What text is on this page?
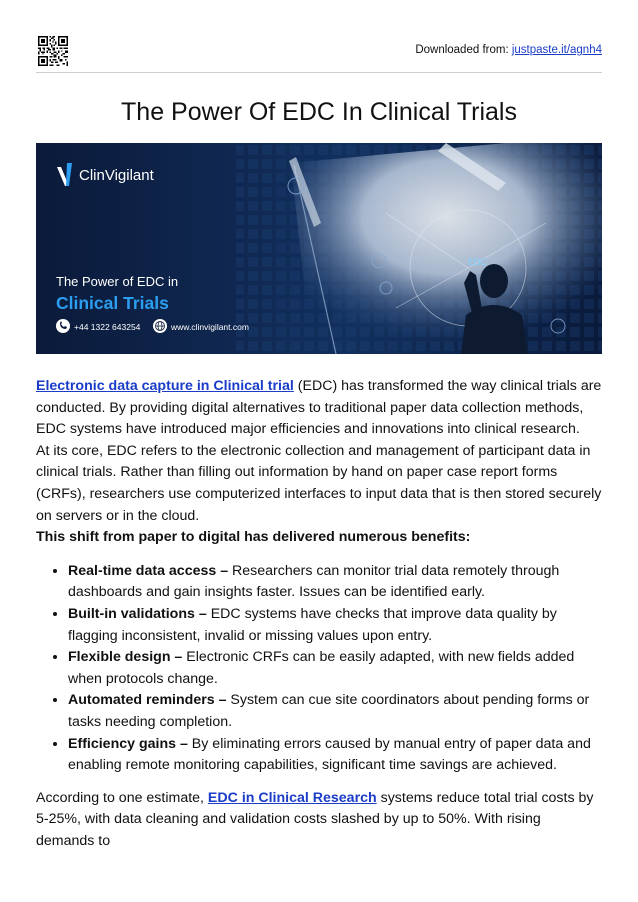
Downloaded from: justpaste.it/agnh4
The Power Of EDC In Clinical Trials
EDC
ClinVigilant
The Power of EDC in
Clinical Trials
+44 1322 643254	www.clinvigilant.com

Electronic data capture in Clinical trial (EDC) has transformed the way clinical trials are conducted. By providing digital alternatives to traditional paper data collection methods, EDC systems have introduced major efficiencies and innovations into clinical research.

At its core, EDC refers to the electronic collection and management of participant data in clinical trials. Rather than filling out information by hand on paper case report forms (CRFs), researchers use computerized interfaces to input data that is then stored securely on servers or in the cloud.

This shift from paper to digital has delivered numerous benefits:

• Real-time data access – Researchers can monitor trial data remotely through dashboards and gain insights faster. Issues can be identified early.
• Built-in validations – EDC systems have checks that improve data quality by flagging inconsistent, invalid or missing values upon entry.
• Flexible design – Electronic CRFs can be easily adapted, with new fields added when protocols change.
• Automated reminders – System can cue site coordinators about pending forms or tasks needing completion.
• Efficiency gains – By eliminating errors caused by manual entry of paper data and enabling remote monitoring capabilities, significant time savings are achieved.

According to one estimate, EDC in Clinical Research systems reduce total trial costs by 5-25%, with data cleaning and validation costs slashed by up to 50%. With rising demands to
